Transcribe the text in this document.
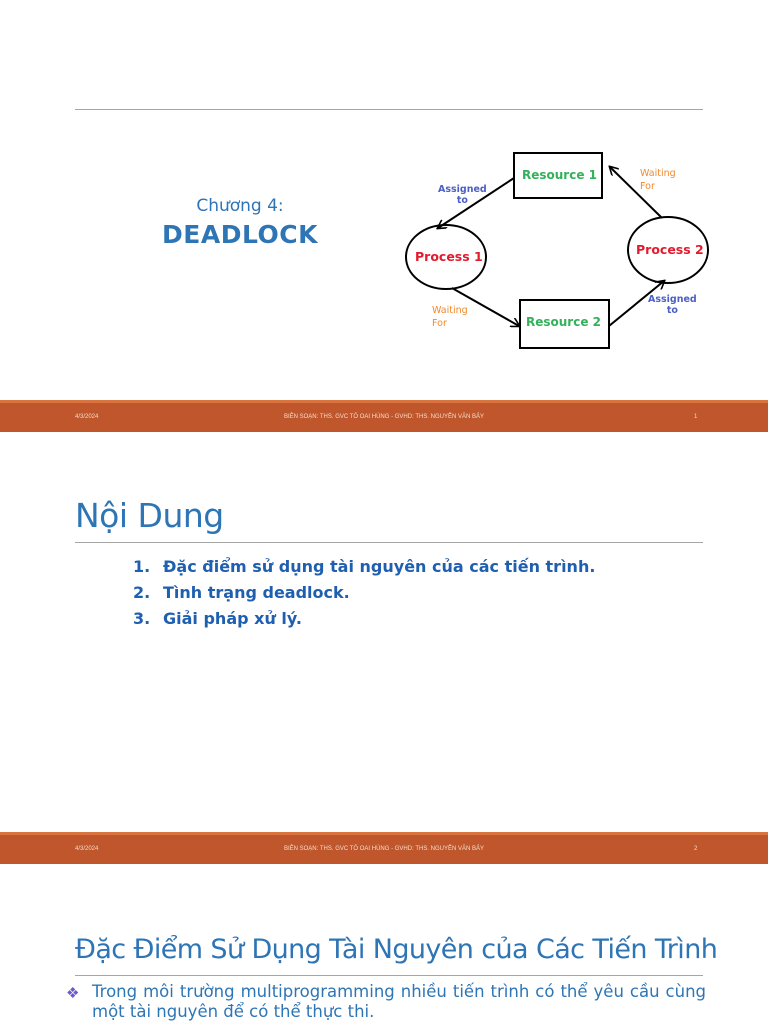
Chương 4:
DEADLOCK
Resource 1
Resource 2
Process 1	Process 2
Assigned
to
Assigned
to
Waiting
For
Waiting
For
4/3/2024	BIÊN SOẠN: THS. GVC TÔ OAI HÙNG - GVHD: THS. NGUYỄN VĂN BẢY	1
Nội Dung
1. Đặc điểm sử dụng tài nguyên của các tiến trình.
2. Tình trạng deadlock.
3. Giải pháp xử lý.
4/3/2024	BIÊN SOẠN: THS. GVC TÔ OAI HÙNG - GVHD: THS. NGUYỄN VĂN BẢY	2
Đặc Điểm Sử Dụng Tài Nguyên của Các Tiến Trình
❖ Trong môi trường multiprogramming nhiều tiến trình có thể yêu cầu cùng một tài nguyên để có thể thực thi.
